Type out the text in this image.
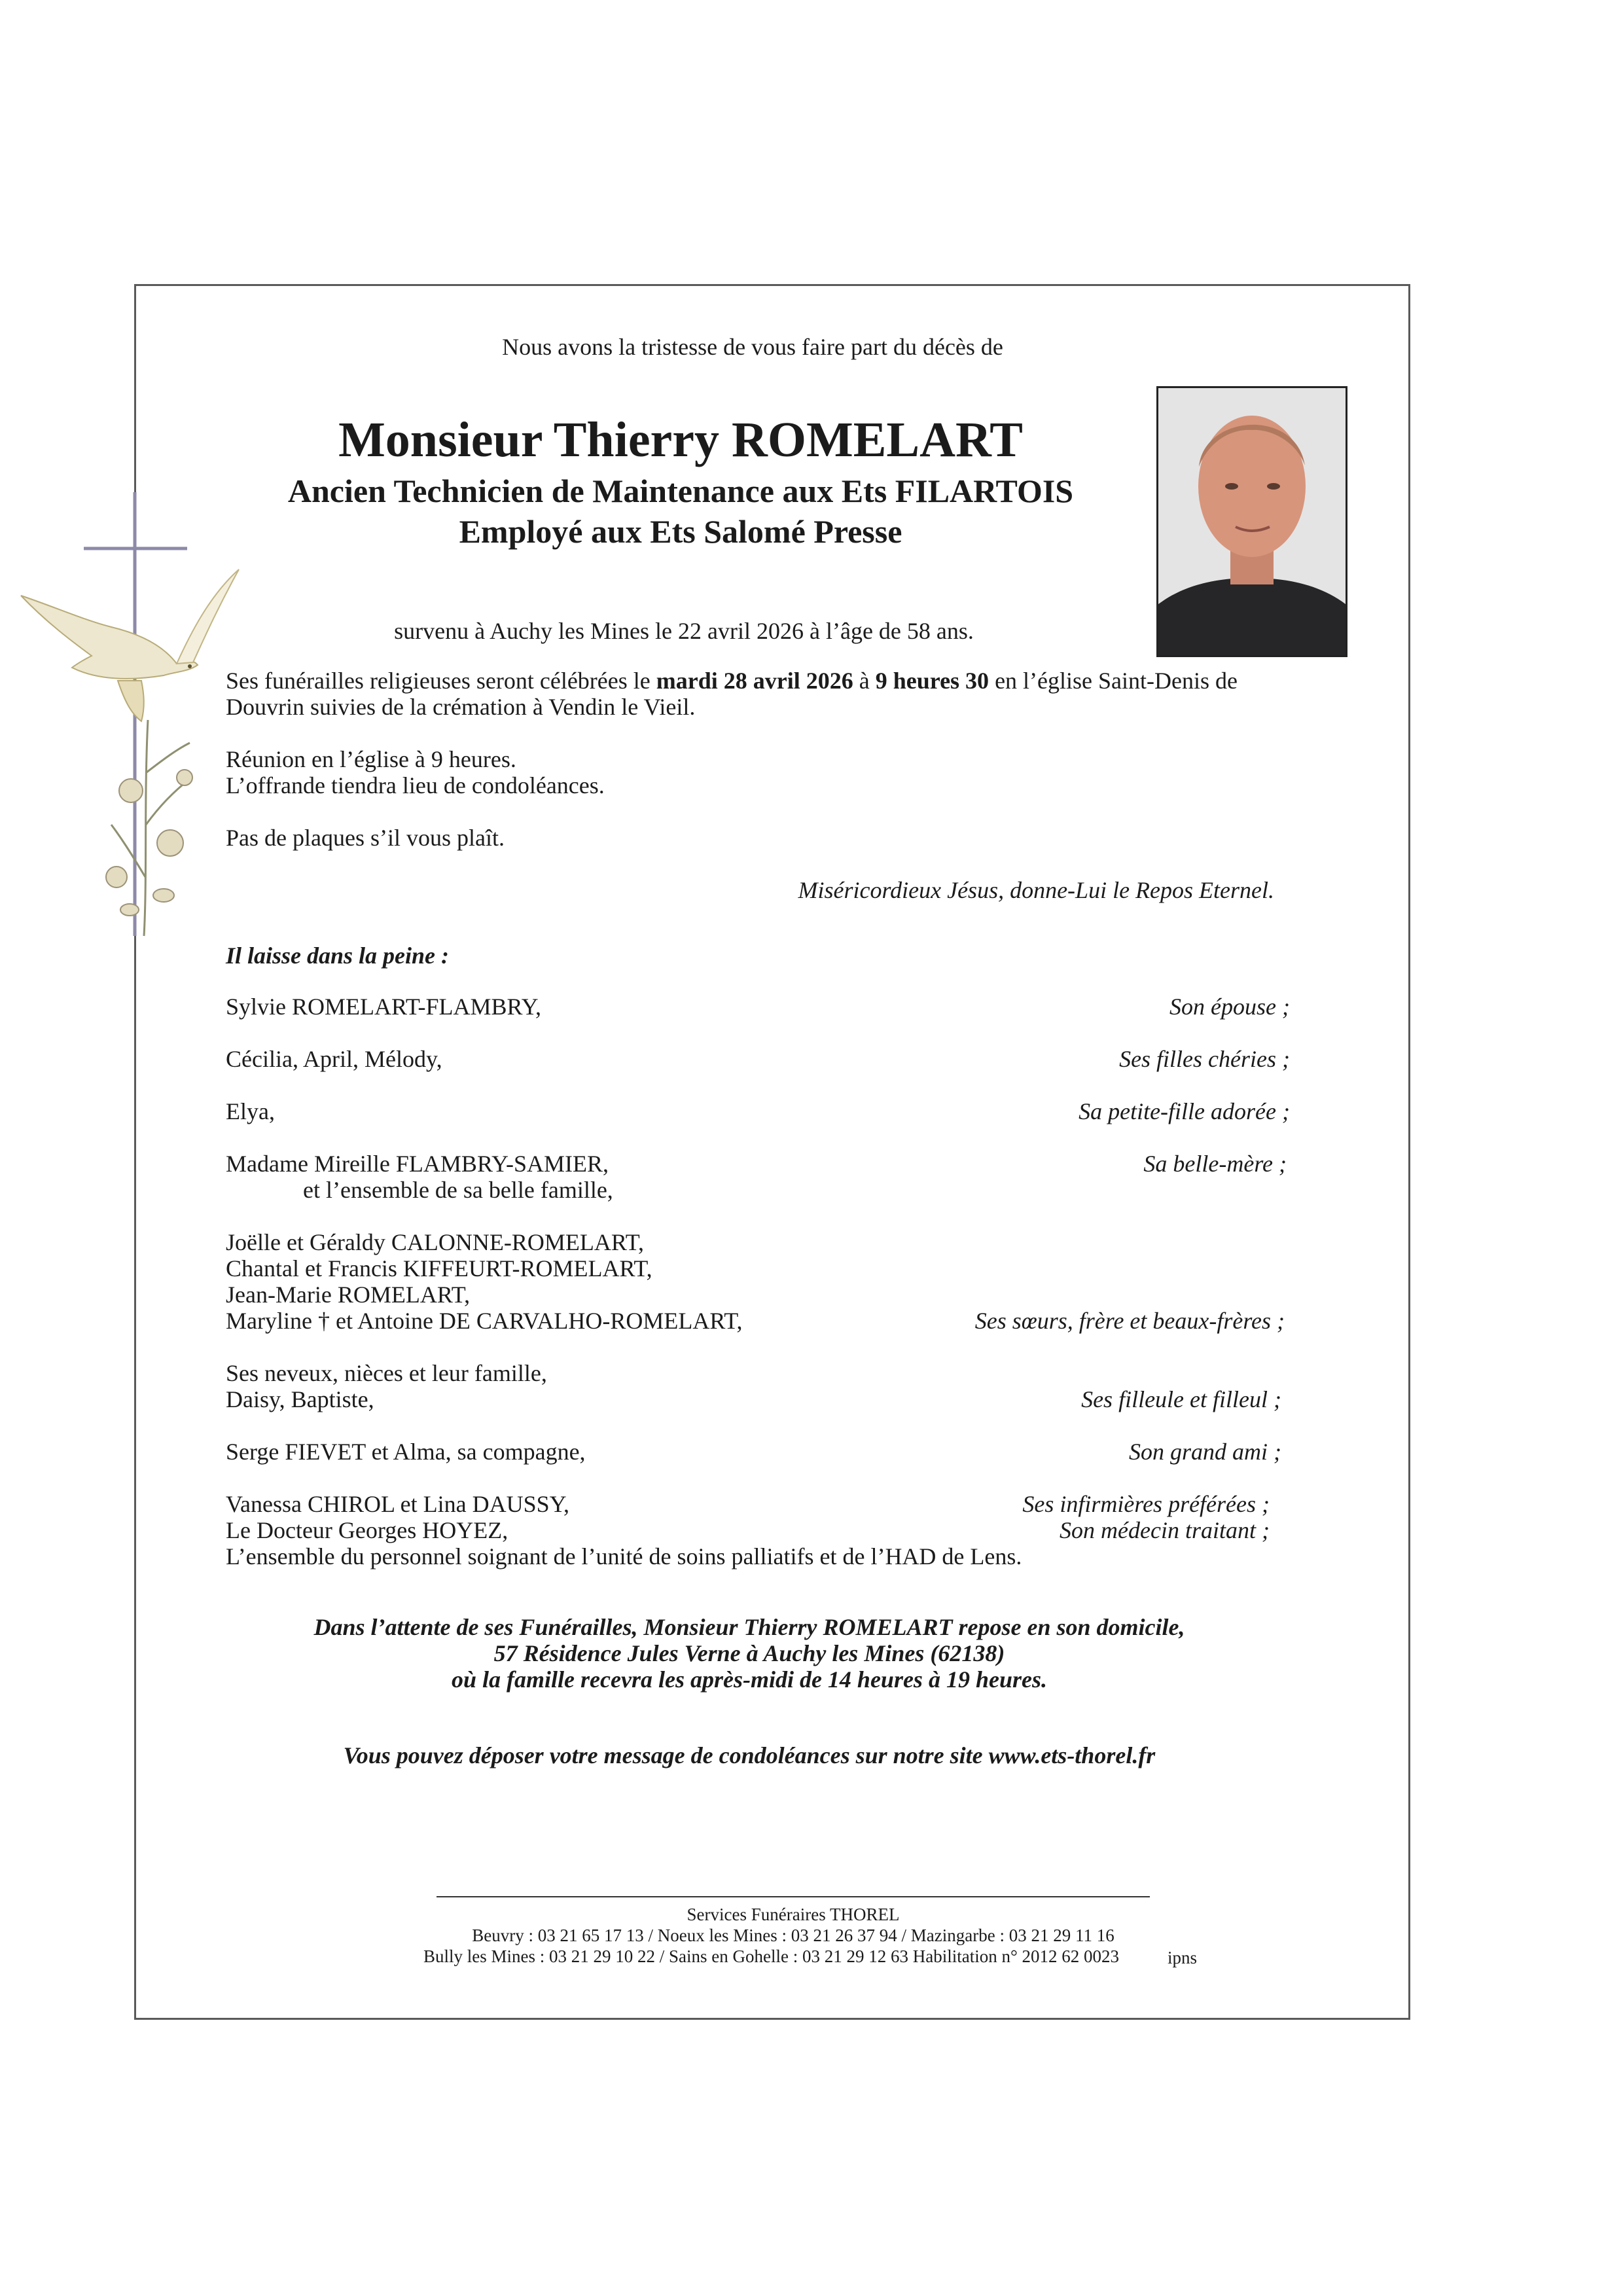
Nous avons la tristesse de vous faire part du décès de
Monsieur Thierry ROMELART
Ancien Technicien de Maintenance aux Ets FILARTOIS
Employé aux Ets Salomé Presse
survenu à Auchy les Mines le 22 avril 2026 à l’âge de 58 ans.
Ses funérailles religieuses seront célébrées le mardi 28 avril 2026 à 9 heures 30 en l’église Saint-Denis de
Douvrin suivies de la crémation à Vendin le Vieil.
Réunion en l’église à 9 heures.
L’offrande tiendra lieu de condoléances.
Pas de plaques s’il vous plaît.
Miséricordieux Jésus, donne-Lui le Repos Eternel.
Il laisse dans la peine :
Sylvie ROMELART-FLAMBRY,	Son épouse ;
Cécilia, April, Mélody,	Ses filles chéries ;
Elya,	Sa petite-fille adorée ;
Madame Mireille FLAMBRY-SAMIER,	Sa belle-mère ;
et l’ensemble de sa belle famille,
Joëlle et Géraldy CALONNE-ROMELART,
Chantal et Francis KIFFEURT-ROMELART,
Jean-Marie ROMELART,
Maryline † et Antoine DE CARVALHO-ROMELART,	Ses sœurs, frère et beaux-frères ;
Ses neveux, nièces et leur famille,
Daisy, Baptiste,	Ses filleule et filleul ;
Serge FIEVET et Alma, sa compagne,	Son grand ami ;
Vanessa CHIROL et Lina DAUSSY,	Ses infirmières préférées ;
Le Docteur Georges HOYEZ,	Son médecin traitant ;
L’ensemble du personnel soignant de l’unité de soins palliatifs et de l’HAD de Lens.
Dans l’attente de ses Funérailles, Monsieur Thierry ROMELART repose en son domicile,
57 Résidence Jules Verne à Auchy les Mines (62138)
où la famille recevra les après-midi de 14 heures à 19 heures.
Vous pouvez déposer votre message de condoléances sur notre site www.ets-thorel.fr
Services Funéraires THOREL
Beuvry : 03 21 65 17 13 / Noeux les Mines : 03 21 26 37 94 / Mazingarbe : 03 21 29 11 16
Bully les Mines : 03 21 29 10 22 / Sains en Gohelle : 03 21 29 12 63 Habilitation n° 2012 62 0023	ipns
